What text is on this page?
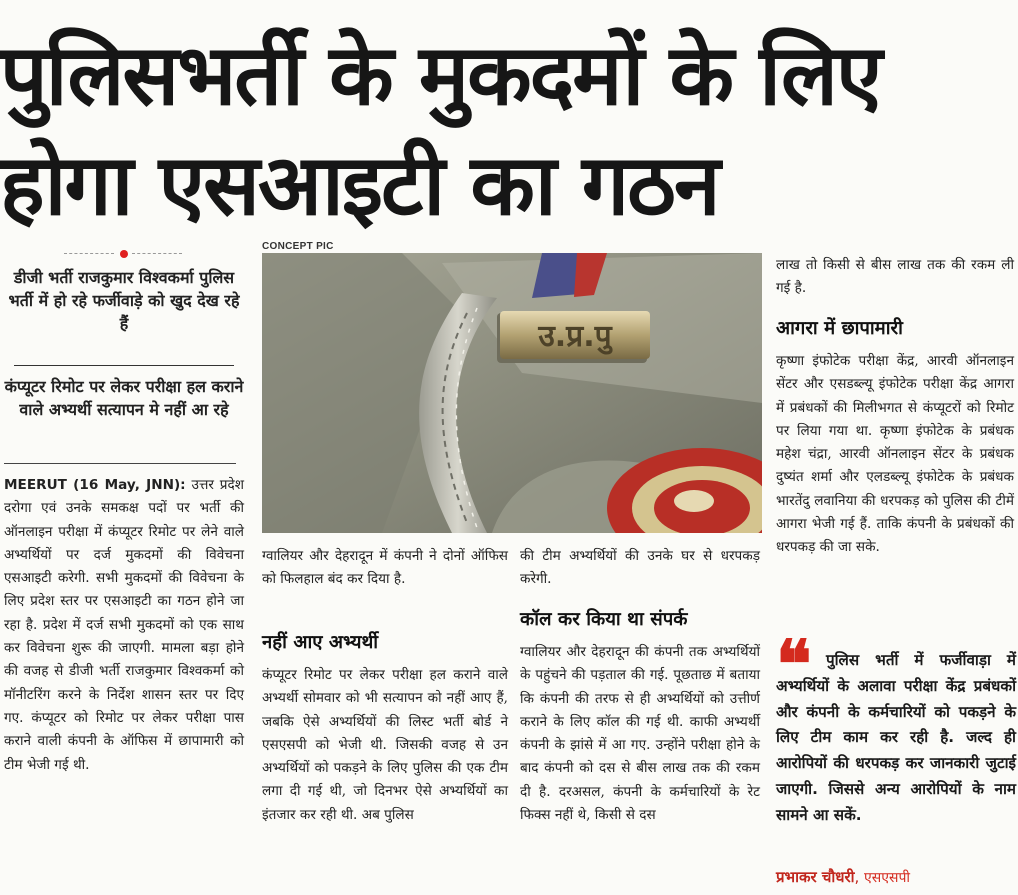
पुलिसभर्ती के मुकदमों के लिए
होगा एसआइटी का गठन
डीजी भर्ती राजकुमार विश्वकर्मा पुलिस भर्ती में हो रहे फर्जीवाड़े को खुद देख रहे हैं
कंप्यूटर रिमोट पर लेकर परीक्षा हल कराने वाले अभ्यर्थी सत्यापन मे नहीं आ रहे
MEERUT (16 May, JNN): उत्तर प्रदेश दरोगा एवं उनके समकक्ष पदों पर भर्ती की ऑनलाइन परीक्षा में कंप्यूटर रिमोट पर लेने वाले अभ्यर्थियों पर दर्ज मुकदमों की विवेचना एसआइटी करेगी. सभी मुकदमों की विवेचना के लिए प्रदेश स्तर पर एसआइटी का गठन होने जा रहा है. प्रदेश में दर्ज सभी मुकदमों को एक साथ कर विवेचना शुरू की जाएगी. मामला बड़ा होने की वजह से डीजी भर्ती राजकुमार विश्वकर्मा को मॉनीटरिंग करने के निर्देश शासन स्तर पर दिए गए. कंप्यूटर को रिमोट पर लेकर परीक्षा पास कराने वाली कंपनी के ऑफिस में छापामारी को टीम भेजी गई थी.
CONCEPT PIC
उ.प्र.पु
ग्वालियर और देहरादून में कंपनी ने दोनों ऑफिस को फिलहाल बंद कर दिया है.
नहीं आए अभ्यर्थी
कंप्यूटर रिमोट पर लेकर परीक्षा हल कराने वाले अभ्यर्थी सोमवार को भी सत्यापन को नहीं आए हैं, जबकि ऐसे अभ्यर्थियों की लिस्ट भर्ती बोर्ड ने एसएसपी को भेजी थी. जिसकी वजह से उन अभ्यर्थियों को पकड़ने के लिए पुलिस की एक टीम लगा दी गई थी, जो दिनभर ऐसे अभ्यर्थियों का इंतजार कर रही थी. अब पुलिस
की टीम अभ्यर्थियों की उनके घर से धरपकड़ करेगी.
कॉल कर किया था संपर्क
ग्वालियर और देहरादून की कंपनी तक अभ्यर्थियों के पहुंचने की पड़ताल की गई. पूछताछ में बताया कि कंपनी की तरफ से ही अभ्यर्थियों को उत्तीर्ण कराने के लिए कॉल की गई थी. काफी अभ्यर्थी कंपनी के झांसे में आ गए. उन्होंने परीक्षा होने के बाद कंपनी को दस से बीस लाख तक की रकम दी है. दरअसल, कंपनी के कर्मचारियों के रेट फिक्स नहीं थे, किसी से दस
लाख तो किसी से बीस लाख तक की रकम ली गई है.
आगरा में छापामारी
कृष्णा इंफोटेक परीक्षा केंद्र, आरवी ऑनलाइन सेंटर और एसडब्ल्यू इंफोटेक परीक्षा केंद्र आगरा में प्रबंधकों की मिलीभगत से कंप्यूटरों को रिमोट पर लिया गया था. कृष्णा इंफोटेक के प्रबंधक महेश चंद्रा, आरवी ऑनलाइन सेंटर के प्रबंधक दुष्यंत शर्मा और एलडब्ल्यू इंफोटेक के प्रबंधक भारतेंदु लवानिया की धरपकड़ को पुलिस की टीमें आगरा भेजी गई हैं. ताकि कंपनी के प्रबंधकों की धरपकड़ की जा सके.
❝	पुलिस भर्ती में फर्जीवाड़ा में अभ्यर्थियों के अलावा परीक्षा केंद्र प्रबंधकों और कंपनी के कर्मचारियों को पकड़ने के लिए टीम काम कर रही है. जल्द ही आरोपियों की धरपकड़ कर जानकारी जुटाई जाएगी. जिससे अन्य आरोपियों के नाम सामने आ सकें.
प्रभाकर चौधरी, एसएसपी
